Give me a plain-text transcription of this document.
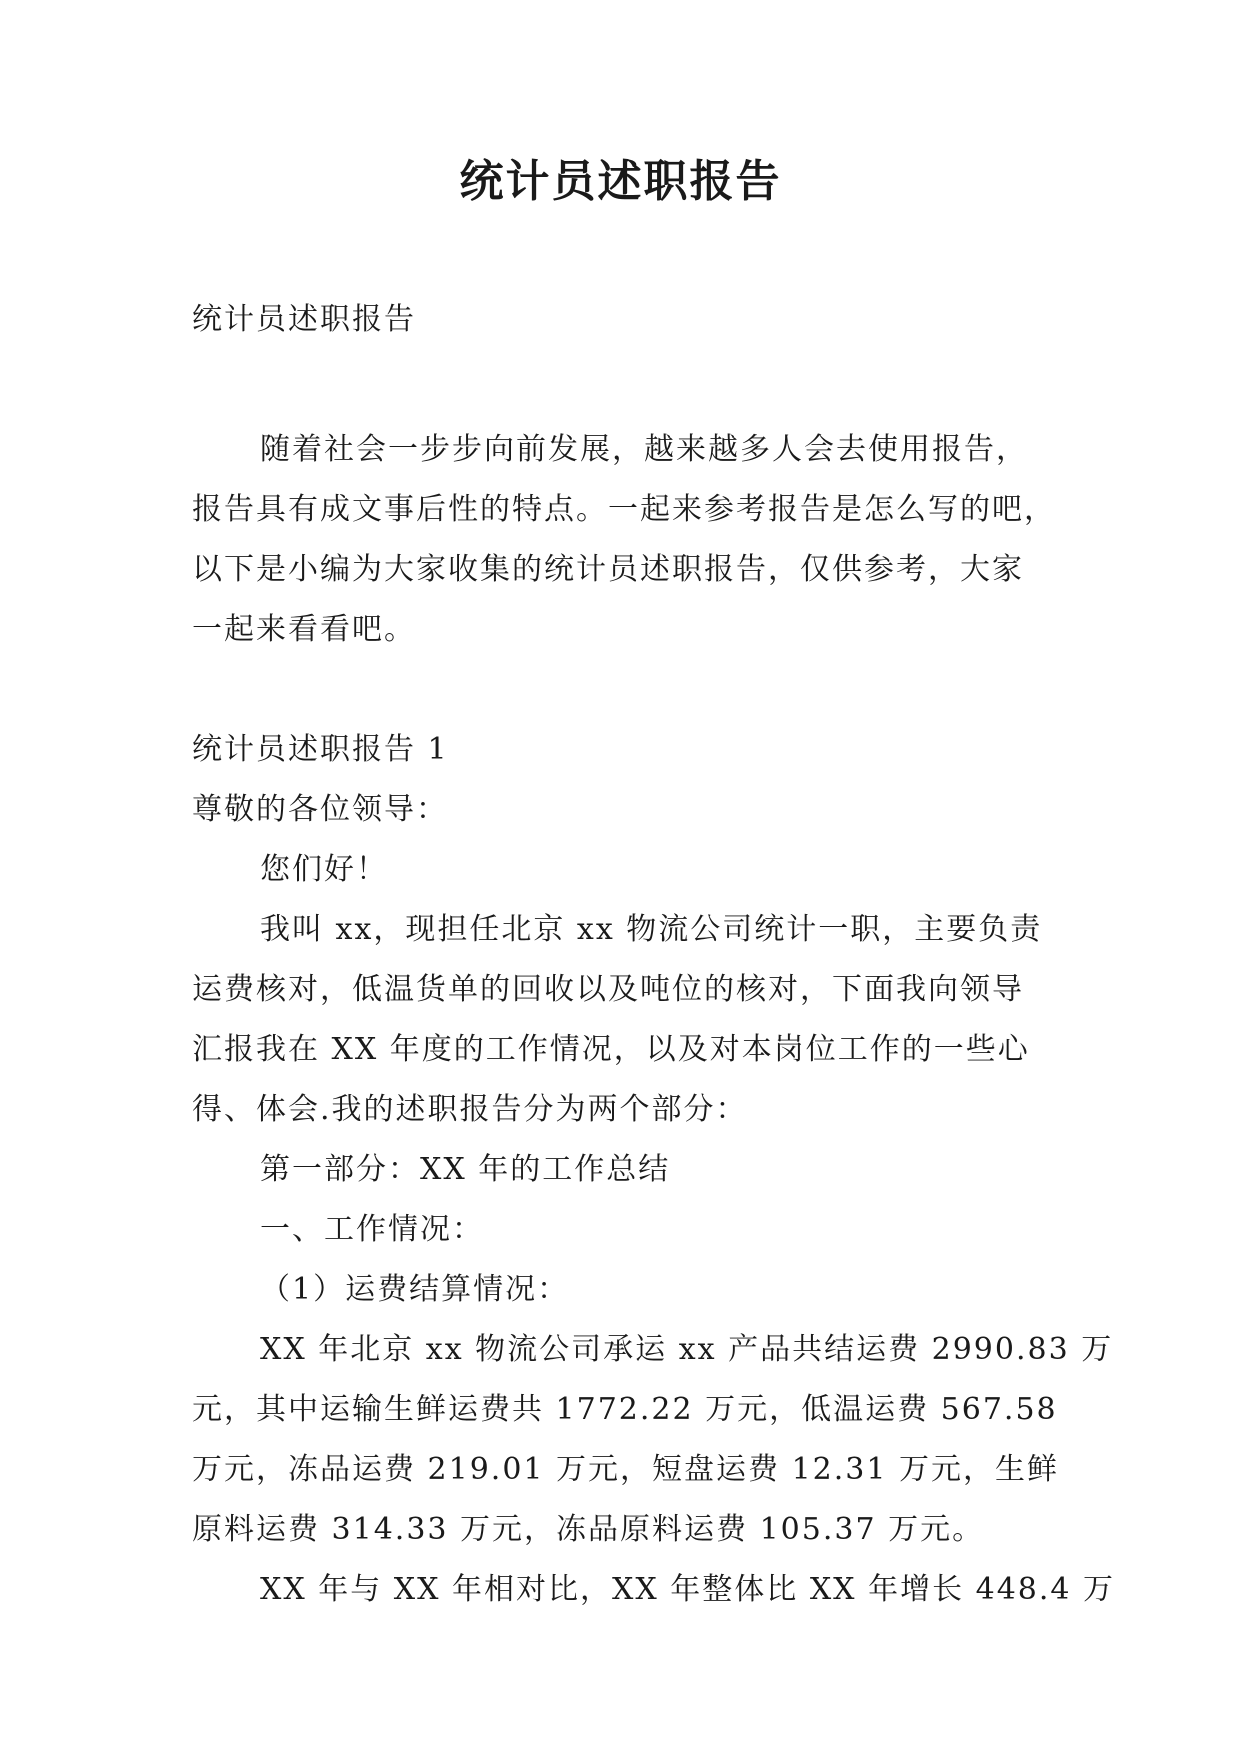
统计员述职报告

统计员述职报告

随着社会一步步向前发展，越来越多人会去使用报告，

报告具有成文事后性的特点。一起来参考报告是怎么写的吧，

以下是小编为大家收集的统计员述职报告，仅供参考，大家

一起来看看吧。

统计员述职报告 1

尊敬的各位领导：

您们好！

我叫 xx，现担任北京 xx 物流公司统计一职，主要负责

运费核对，低温货单的回收以及吨位的核对，下面我向领导

汇报我在 XX 年度的工作情况，以及对本岗位工作的一些心

得、体会.我的述职报告分为两个部分：

第一部分：XX 年的工作总结

一、工作情况：

（1）运费结算情况：

XX 年北京 xx 物流公司承运 xx 产品共结运费 2990.83 万

元，其中运输生鲜运费共 1772.22 万元，低温运费 567.58

万元，冻品运费 219.01 万元，短盘运费 12.31 万元，生鲜

原料运费 314.33 万元，冻品原料运费 105.37 万元。

XX 年与 XX 年相对比，XX 年整体比 XX 年增长 448.4 万
